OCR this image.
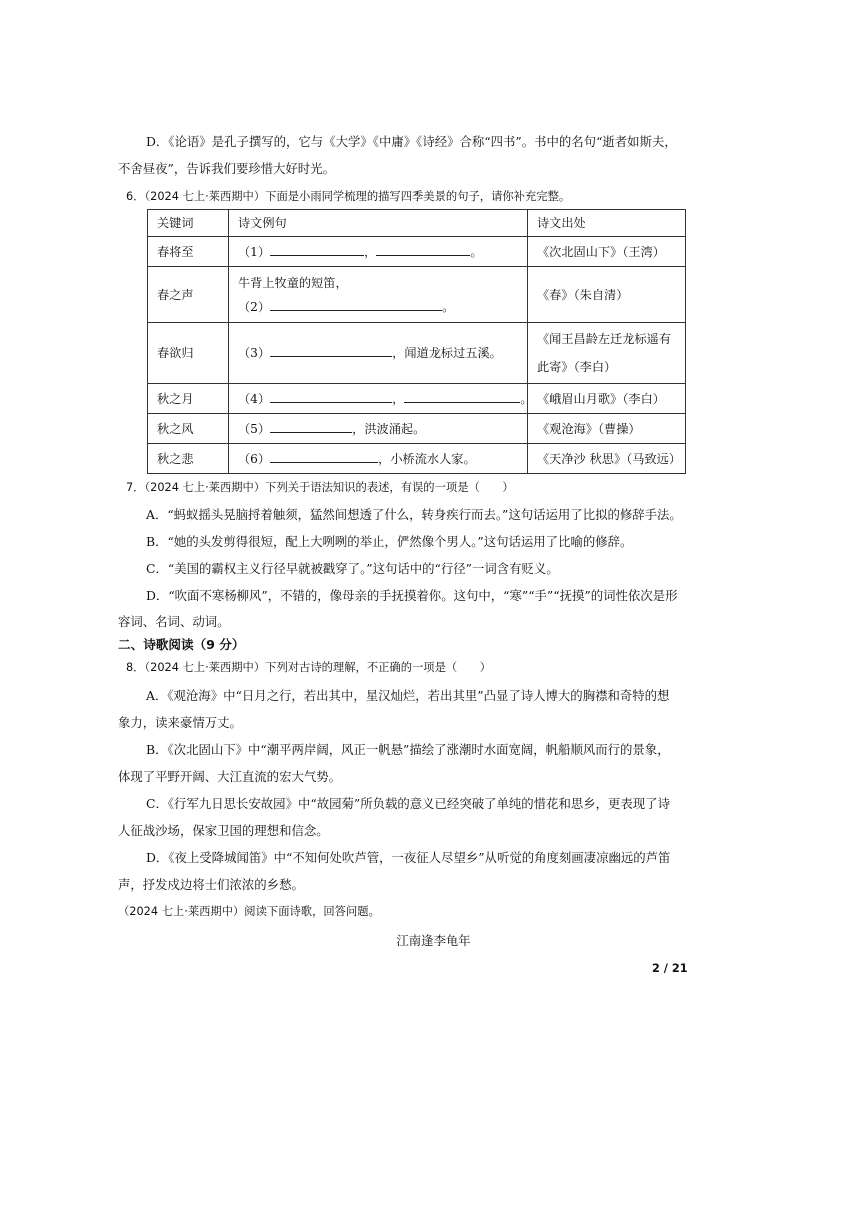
D．《论语》是孔子撰写的，它与《大学》《中庸》《诗经》合称“四书”。书中的名句“逝者如斯夫，
不舍昼夜”，告诉我们要珍惜大好时光。
6．（2024 七上·莱西期中）下面是小雨同学梳理的描写四季美景的句子，请你补充完整。
关键词	诗文例句	诗文出处
春将至	（1） ， 。	《次北固山下》（王湾）
春之声	牛背上牧童的短笛，
（2） 。	《春》（朱自清）
春欲归	（3） ，闻道龙标过五溪。	《闻王昌龄左迁龙标遥有此寄》（李白）
秋之月	（4） ， 。	《峨眉山月歌》（李白）
秋之风	（5） ，洪波涌起。	《观沧海》（曹操）
秋之悲	（6） ，小桥流水人家。	《天净沙 秋思》（马致远）
7．（2024 七上·莱西期中）下列关于语法知识的表述，有误的一项是（　　）
A．“蚂蚁摇头晃脑捋着触须，猛然间想透了什么，转身疾行而去。”这句话运用了比拟的修辞手法。
B．“她的头发剪得很短，配上大咧咧的举止，俨然像个男人。”这句话运用了比喻的修辞。
C．“美国的霸权主义行径早就被戳穿了。”这句话中的“行径”一词含有贬义。
D．“吹面不寒杨柳风”，不错的，像母亲的手抚摸着你。这句中，“寒”“手”“抚摸”的词性依次是形
容词、名词、动词。
二、诗歌阅读（9 分）
8．（2024 七上·莱西期中）下列对古诗的理解，不正确的一项是（　　）
A．《观沧海》中“日月之行，若出其中，星汉灿烂，若出其里”凸显了诗人博大的胸襟和奇特的想
象力，读来豪情万丈。
B．《次北固山下》中“潮平两岸阔，风正一帆悬”描绘了涨潮时水面宽阔，帆船顺风而行的景象，
体现了平野开阔、大江直流的宏大气势。
C．《行军九日思长安故园》中“故园菊”所负载的意义已经突破了单纯的惜花和思乡，更表现了诗
人征战沙场，保家卫国的理想和信念。
D．《夜上受降城闻笛》中“不知何处吹芦管，一夜征人尽望乡”从听觉的角度刻画凄凉幽远的芦笛
声，抒发戍边将士们浓浓的乡愁。
（2024 七上·莱西期中）阅读下面诗歌，回答问题。
江南逢李龟年
2 / 21
